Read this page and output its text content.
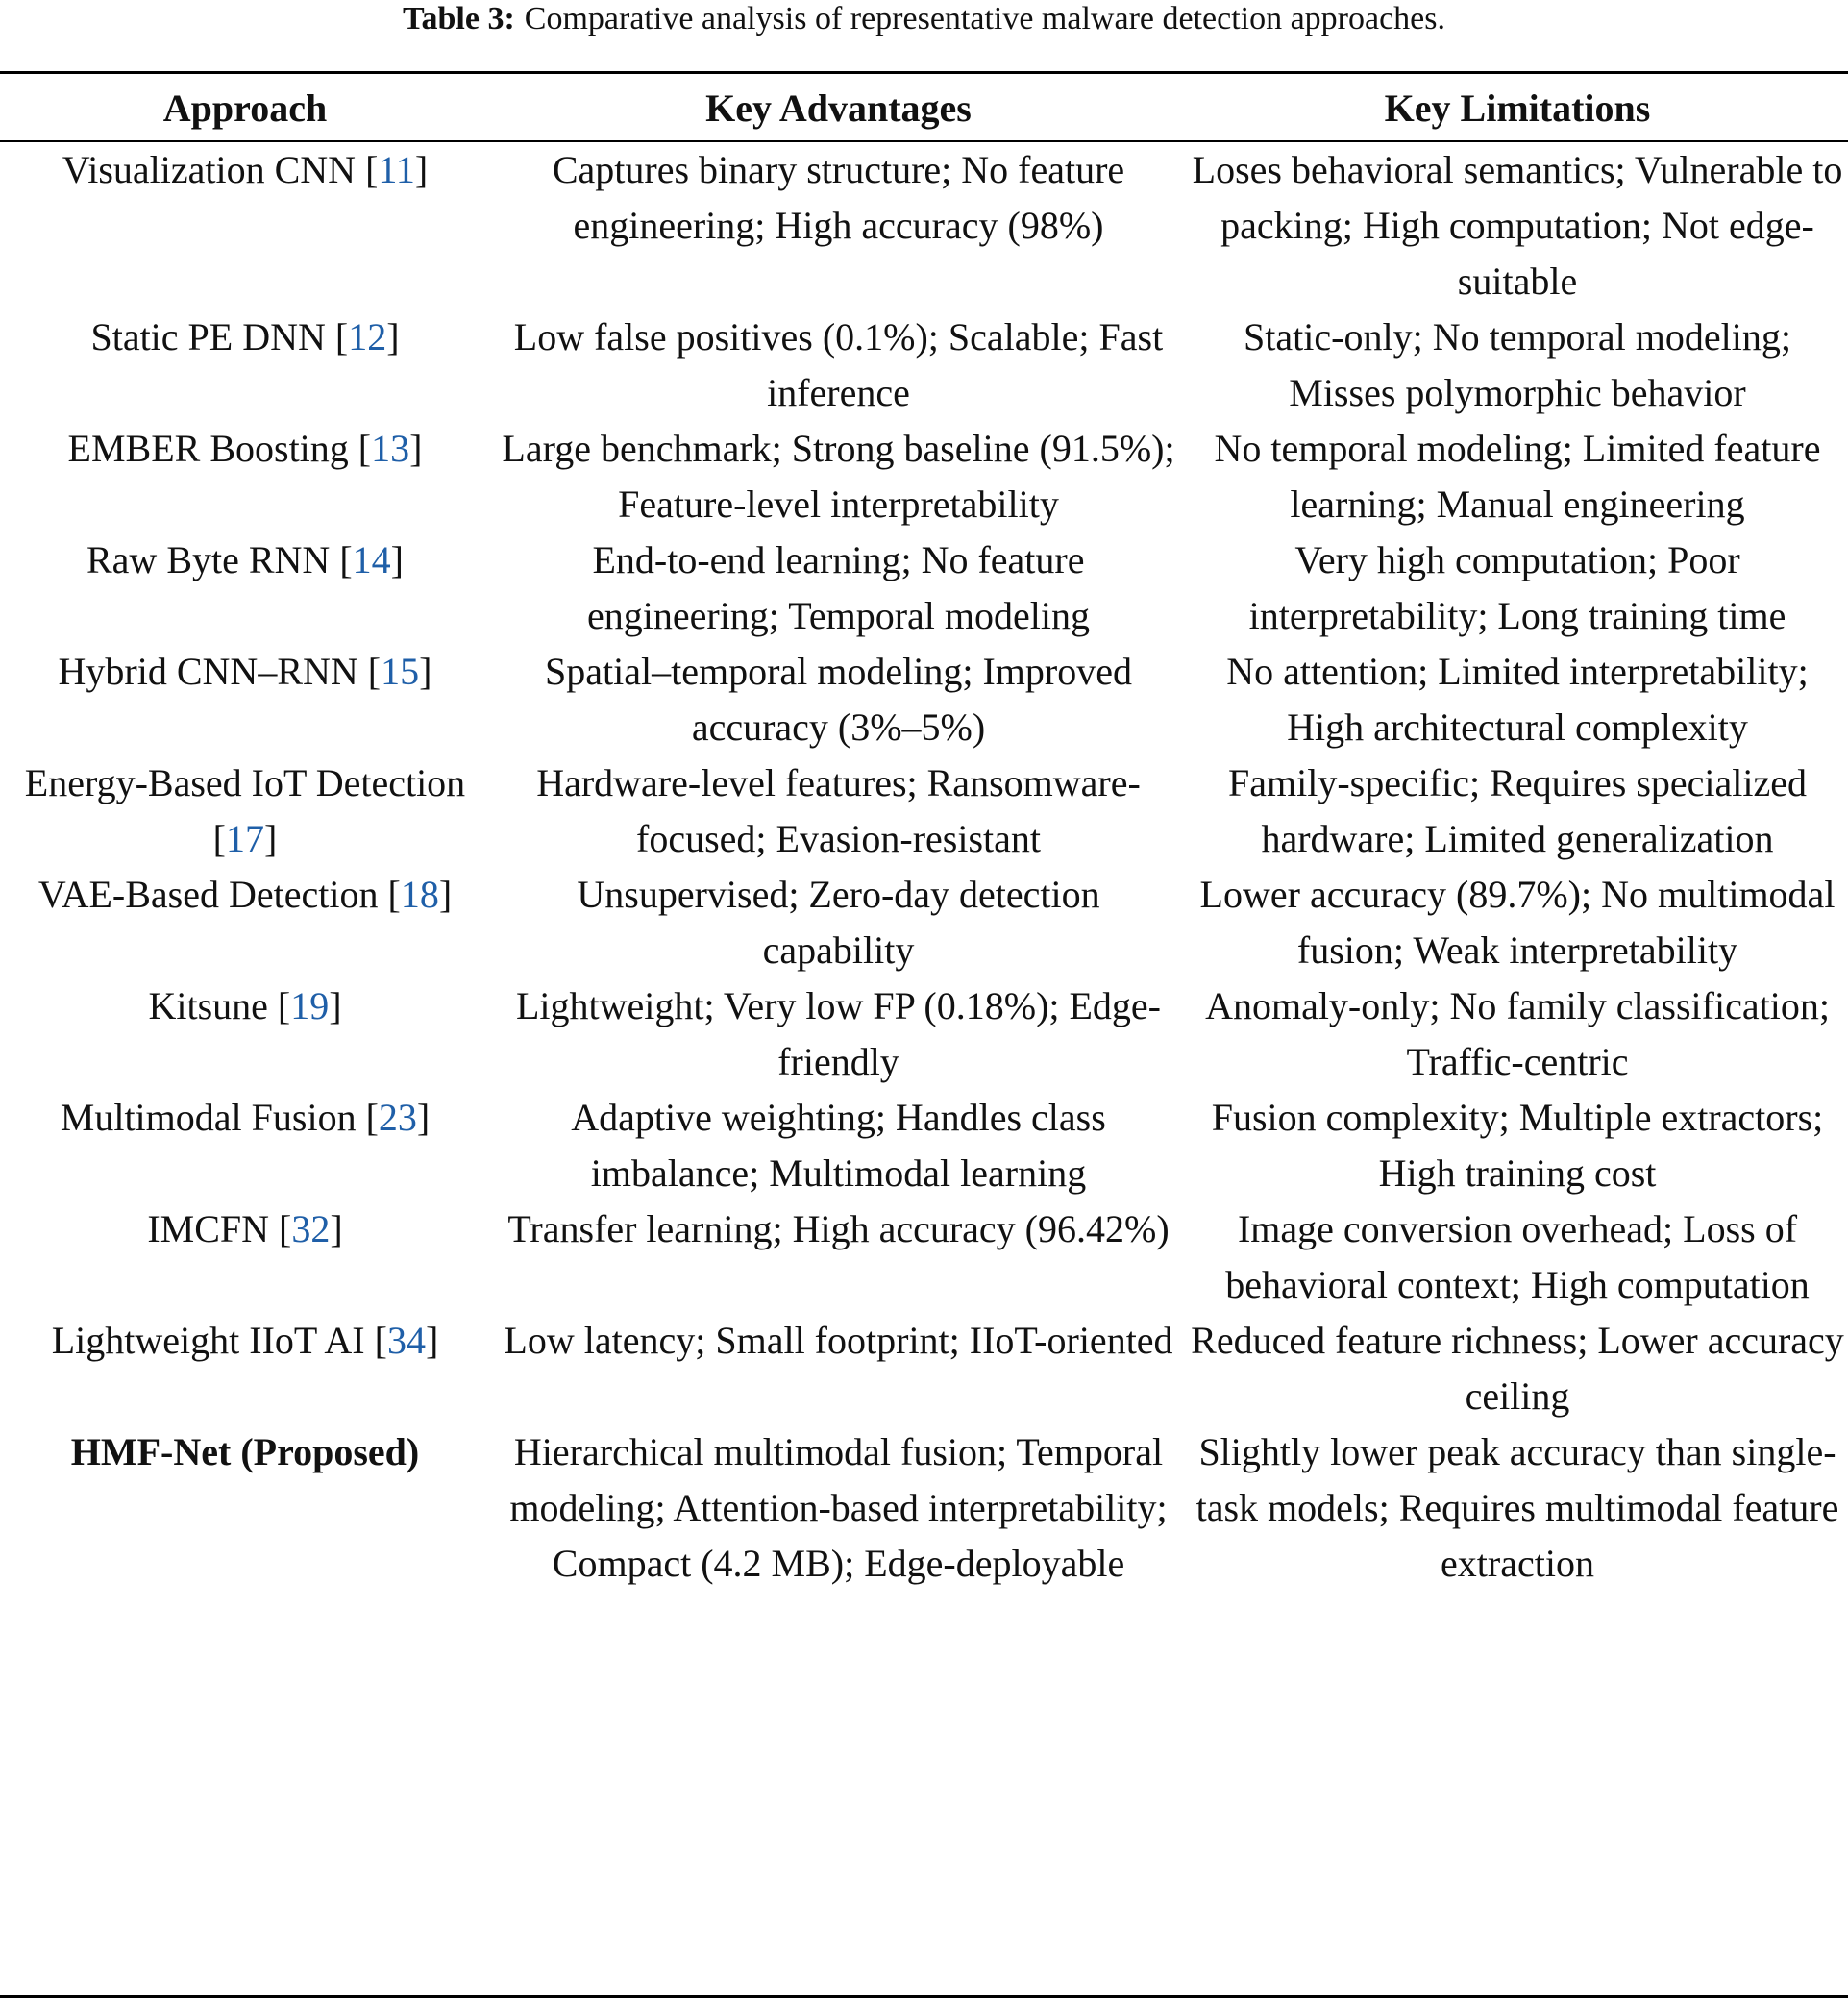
Table 3: Comparative analysis of representative malware detection approaches.
Approach	Key Advantages	Key Limitations
Visualization CNN [11]	Captures binary structure; No feature engineering; High accuracy (98%)	Loses behavioral semantics; Vulnerable to packing; High computation; Not edge-suitable
Static PE DNN [12]	Low false positives (0.1%); Scalable; Fast inference	Static-only; No temporal modeling; Misses polymorphic behavior
EMBER Boosting [13]	Large benchmark; Strong baseline (91.5%); Feature-level interpretability	No temporal modeling; Limited feature learning; Manual engineering
Raw Byte RNN [14]	End-to-end learning; No feature engineering; Temporal modeling	Very high computation; Poor interpretability; Long training time
Hybrid CNN–RNN [15]	Spatial–temporal modeling; Improved accuracy (3%–5%)	No attention; Limited interpretability; High architectural complexity
Energy-Based IoT Detection [17]	Hardware-level features; Ransomware-focused; Evasion-resistant	Family-specific; Requires specialized hardware; Limited generalization
VAE-Based Detection [18]	Unsupervised; Zero-day detection capability	Lower accuracy (89.7%); No multimodal fusion; Weak interpretability
Kitsune [19]	Lightweight; Very low FP (0.18%); Edge-friendly	Anomaly-only; No family classification; Traffic-centric
Multimodal Fusion [23]	Adaptive weighting; Handles class imbalance; Multimodal learning	Fusion complexity; Multiple extractors; High training cost
IMCFN [32]	Transfer learning; High accuracy (96.42%)	Image conversion overhead; Loss of behavioral context; High computation
Lightweight IIoT AI [34]	Low latency; Small footprint; IIoT-oriented	Reduced feature richness; Lower accuracy ceiling
HMF-Net (Proposed)	Hierarchical multimodal fusion; Temporal modeling; Attention-based interpretability; Compact (4.2 MB); Edge-deployable	Slightly lower peak accuracy than single-task models; Requires multimodal feature extraction
